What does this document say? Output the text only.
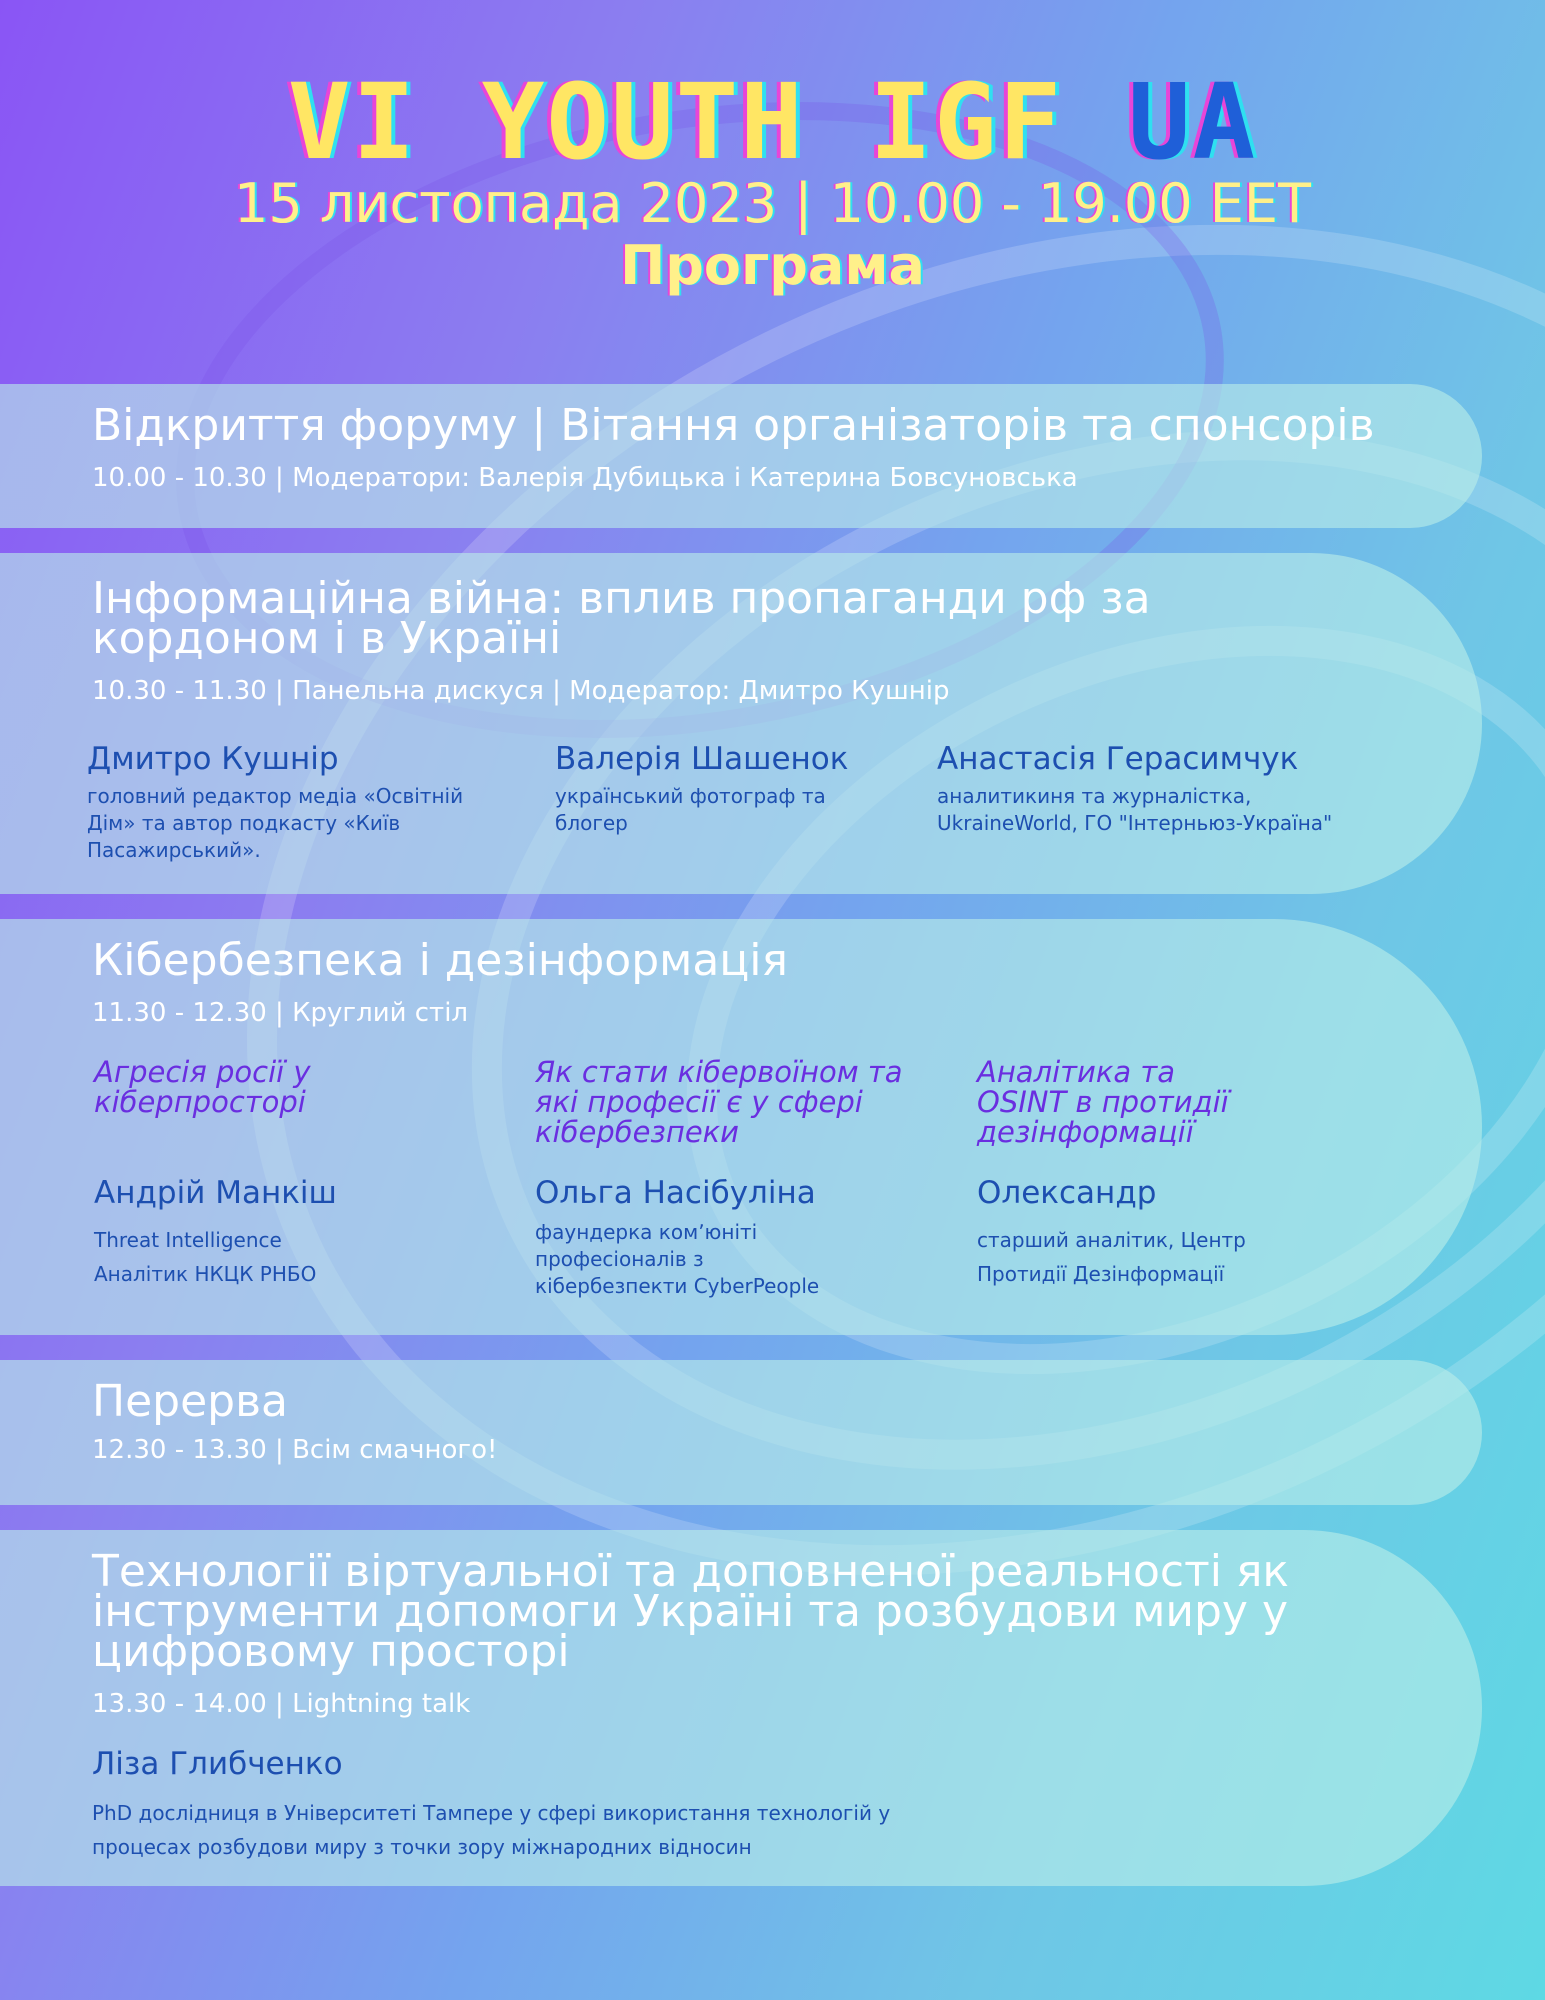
VI YOUTH IGF UA
15 листопада 2023 | 10.00 - 19.00 EET
Програма
Відкриття форуму | Вітання організаторів та спонсорів
10.00 - 10.30 | Модератори: Валерія Дубицька і Катерина Бовсуновська
Інформаційна війна: вплив пропаганди рф за
кордоном і в Україні
10.30 - 11.30 | Панельна дискуся | Модератор: Дмитро Кушнір
Дмитро Кушнір
головний редактор медіа «Освітній
Дім» та автор подкасту «Київ
Пасажирський».
Валерія Шашенок
український фотограф та
блогер
Анастасія Герасимчук
аналитикиня та журналістка,
UkraineWorld, ГО "Інтерньюз-Україна"
Кібербезпека і дезінформація
11.30 - 12.30 | Круглий стіл
Агресія росії у
кіберпросторі
Андрій Манкіш
Threat Intelligence
Аналітик НКЦК РНБО
Як стати кібервоїном та
які професії є у сфері
кібербезпеки
Ольга Насібуліна
фаундерка комʼюніті
професіоналів з
кібербезпекти CyberPeople
Аналітика та
OSINT в протидії
дезінформації
Олександр
старший аналітик, Центр
Протидії Дезінформації
Перерва
12.30 - 13.30 | Всім смачного!
Технології віртуальної та доповненої реальності як
інструменти допомоги Україні та розбудови миру у
цифровому просторі
13.30 - 14.00 | Lightning talk
Ліза Глибченко
PhD дослідниця в Університеті Тампере у сфері використання технологій у
процесах розбудови миру з точки зору міжнародних відносин
